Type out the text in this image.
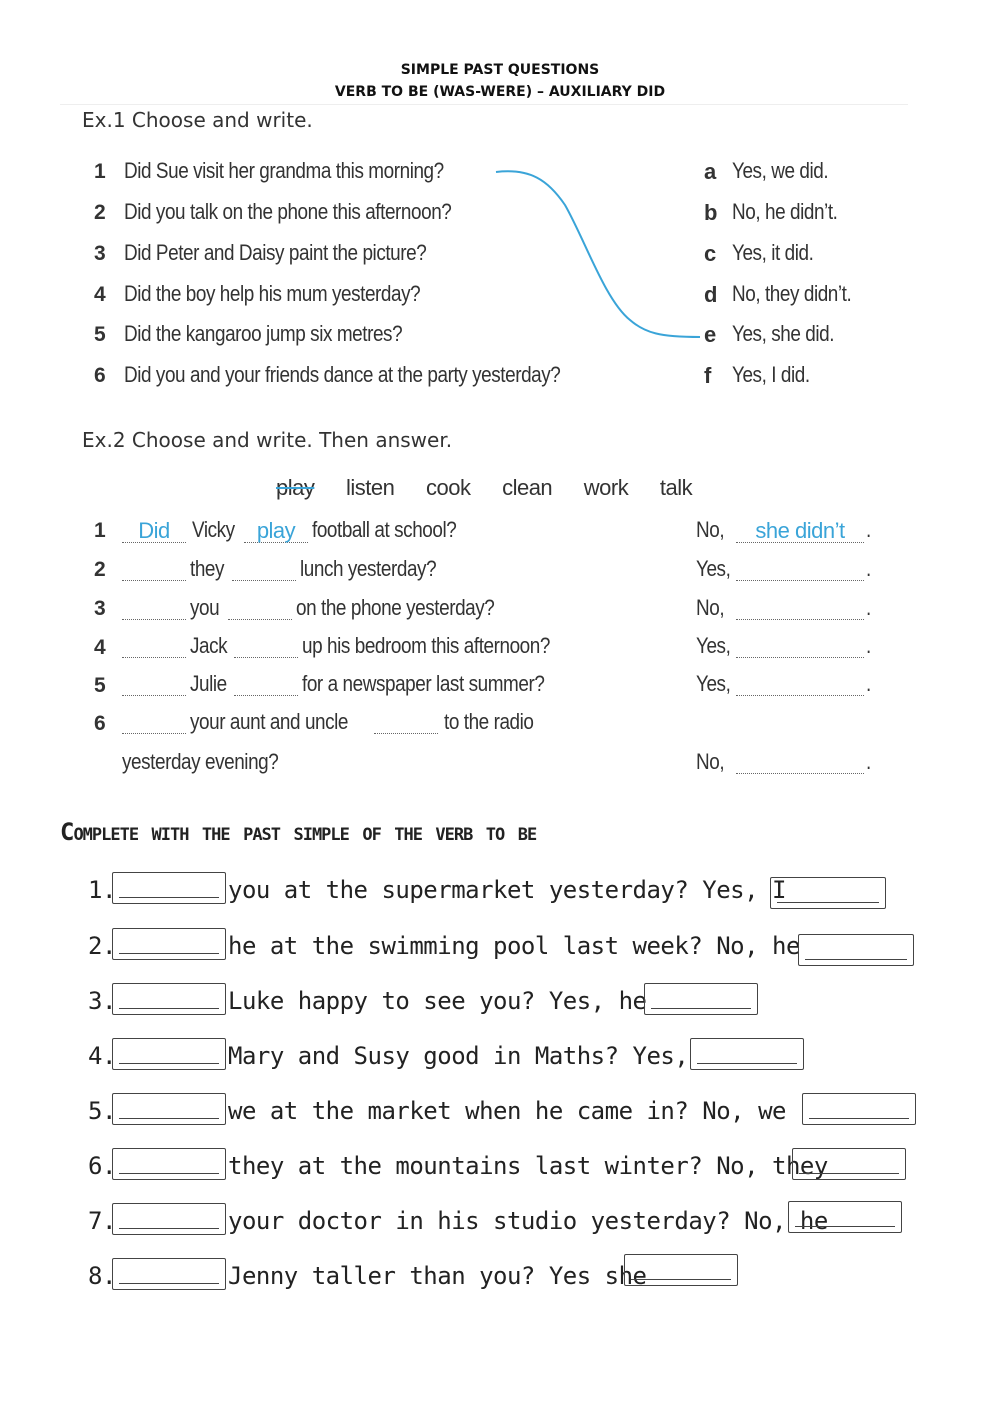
SIMPLE PAST QUESTIONS
VERB TO BE (WAS-WERE) – AUXILIARY DID
Ex.1 Choose and write.
1 Did Sue visit her grandma this morning?
2 Did you talk on the phone this afternoon?
3 Did Peter and Daisy paint the picture?
4 Did the boy help his mum yesterday?
5 Did the kangaroo jump six metres?
6 Did you and your friends dance at the party yesterday?
a Yes, we did.
b No, he didn’t.
c Yes, it did.
d No, they didn’t.
e Yes, she did.
f Yes, I did.
Ex.2 Choose and write. Then answer.
play listen cook clean work talk
1	Did	Vicky	play football at school?	No,	she didn’t .
2	they	lunch yesterday?	Yes,	.
3	you	on the phone yesterday?	No,	.
4	Jack	up his bedroom this afternoon?	Yes,	.
5	Julie	for a newspaper last summer?	Yes,	.
6	your aunt and uncle	to the radio
yesterday evening?	No,	.
Complete with the past simple of the verb to be
1.	you at the supermarket yesterday? Yes, I
2.	he at the swimming pool last week? No, he
3.	Luke happy to see you? Yes, he
4.	Mary and Susy good in Maths? Yes,
5.	we at the market when he came in? No, we
6.	they at the mountains last winter? No, they
7.	your doctor in his studio yesterday? No, he
8.	Jenny taller than you? Yes she
